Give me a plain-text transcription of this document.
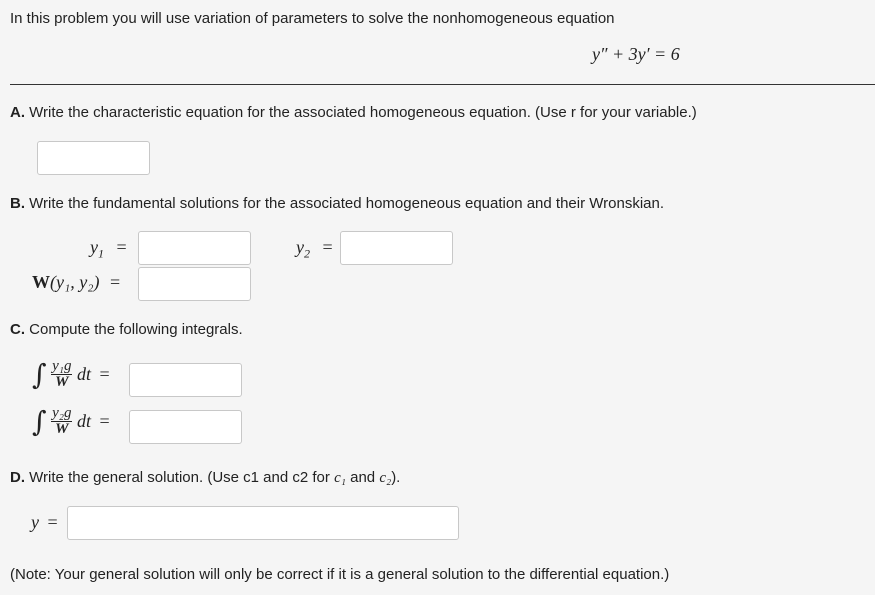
In this problem you will use variation of parameters to solve the nonhomogeneous equation
y″ + 3y′ = 6
A. Write the characteristic equation for the associated homogeneous equation. (Use r for your variable.)
B. Write the fundamental solutions for the associated homogeneous equation and their Wronskian.
$y_1$ =	$y_2$ =
W(y₁, y₂) =
C. Compute the following integrals.
∫ $\frac{\text{y₁g}}{W}$ dt =
∫ $\frac{\text{y₂g}}{W}$ dt =
D. Write the general solution. (Use c1 and c2 for c₁ and c₂).
y =
(Note: Your general solution will only be correct if it is a general solution to the differential equation.)
